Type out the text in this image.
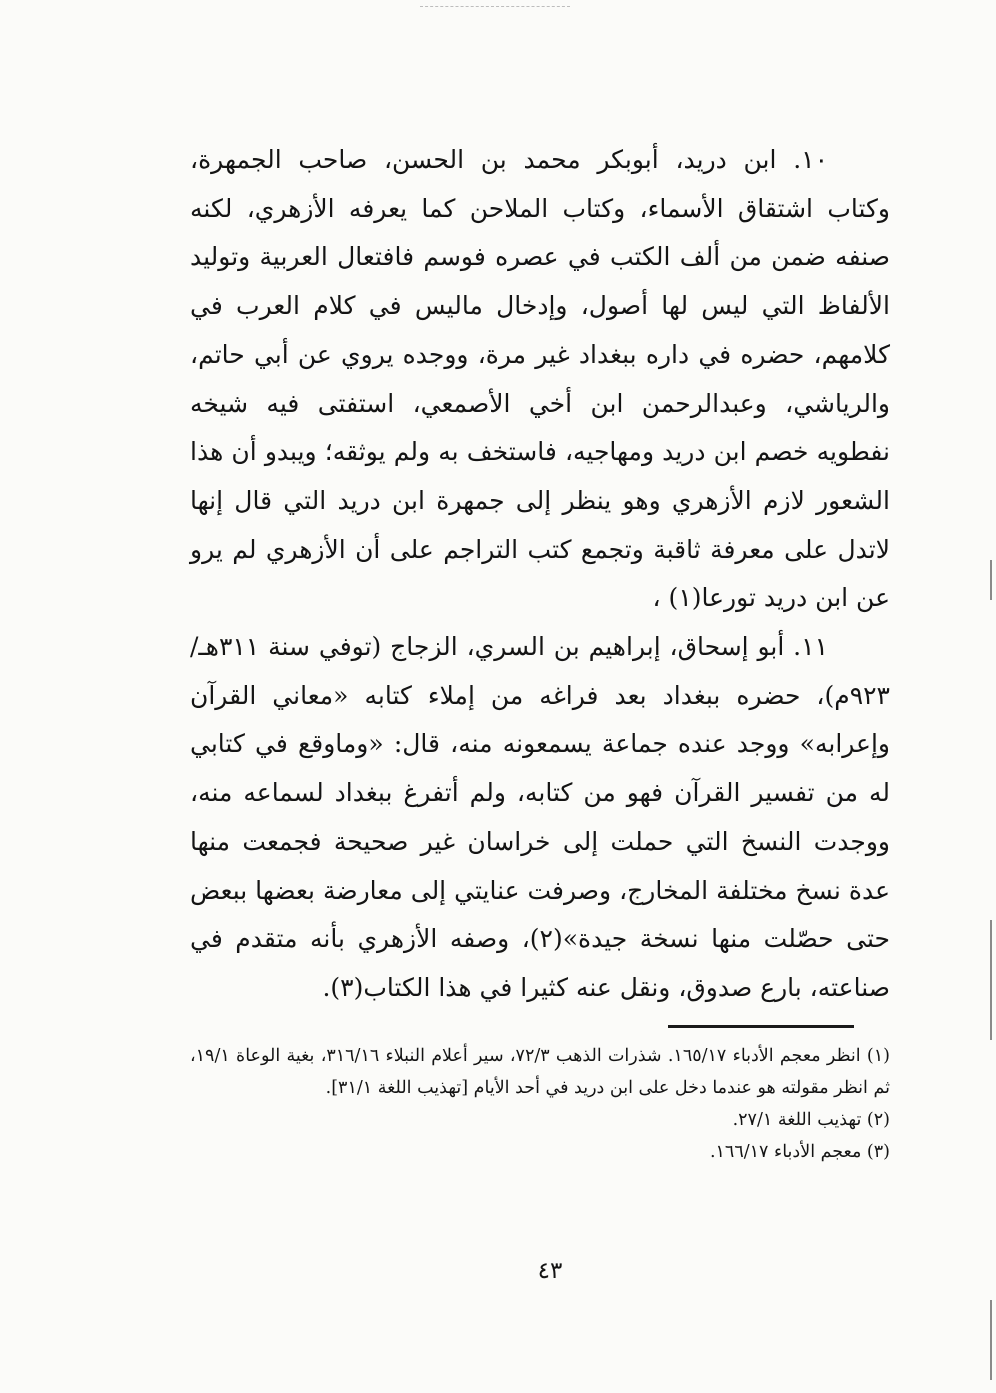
١٠. ابن دريد، أبوبكر محمد بن الحسن، صاحب الجمهرة، وكتاب اشتقاق الأسماء، وكتاب الملاحن كما يعرفه الأزهري، لكنه صنفه ضمن من ألف الكتب في عصره فوسم فافتعال العربية وتوليد الألفاظ التي ليس لها أصول، وإدخال ماليس في كلام العرب في كلامهم، حضره في داره ببغداد غير مرة، ووجده يروي عن أبي حاتم، والرياشي، وعبدالرحمن ابن أخي الأصمعي، استفتى فيه شيخه نفطويه خصم ابن دريد ومهاجيه، فاستخف به ولم يوثقه؛ ويبدو أن هذا الشعور لازم الأزهري وهو ينظر إلى جمهرة ابن دريد التي قال إنها لاتدل على معرفة ثاقبة وتجمع كتب التراجم على أن الأزهري لم يرو عن ابن دريد تورعا(١) ،

١١. أبو إسحاق، إبراهيم بن السري، الزجاج (توفي سنة ٣١١هـ/٩٢٣م)، حضره ببغداد بعد فراغه من إملاء كتابه «معاني القرآن وإعرابه» ووجد عنده جماعة يسمعونه منه، قال: «وماوقع في كتابي له من تفسير القرآن فهو من كتابه، ولم أتفرغ ببغداد لسماعه منه، ووجدت النسخ التي حملت إلى خراسان غير صحيحة فجمعت منها عدة نسخ مختلفة المخارج، وصرفت عنايتي إلى معارضة بعضها ببعض حتى حصّلت منها نسخة جيدة»(٢)، وصفه الأزهري بأنه متقدم في صناعته، بارع صدوق، ونقل عنه كثيرا في هذا الكتاب(٣).

(١) انظر معجم الأدباء ١٦٥/١٧. شذرات الذهب ٧٢/٣، سير أعلام النبلاء ٣١٦/١٦، بغية الوعاة ١٩/١، ثم انظر مقولته هو عندما دخل على ابن دريد في أحد الأيام [تهذيب اللغة ٣١/١].

(٢) تهذيب اللغة ٢٧/١.

(٣) معجم الأدباء ١٦٦/١٧.

٤٣
